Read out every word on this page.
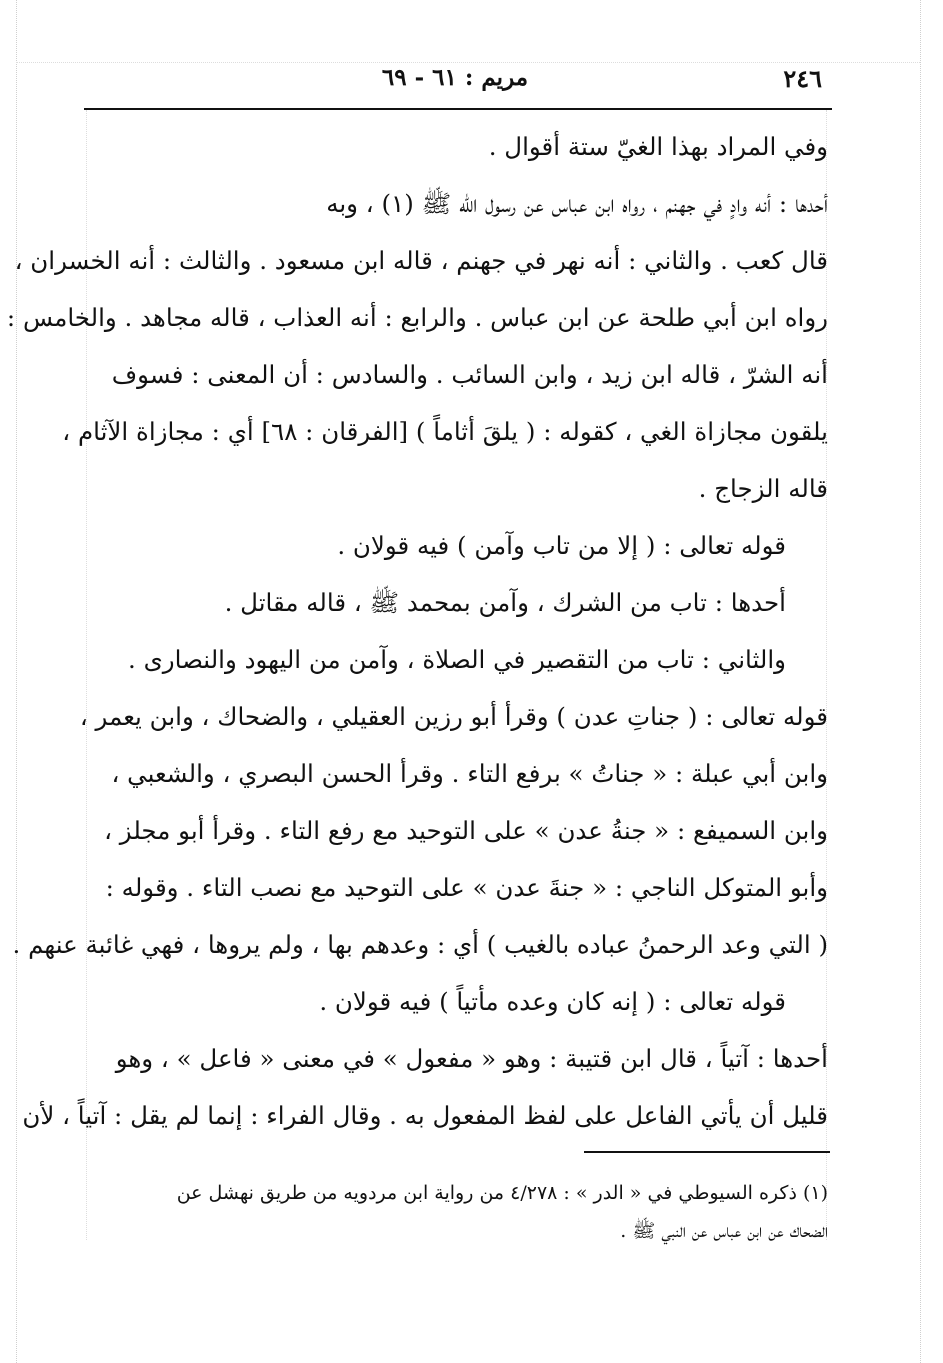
٢٤٦
مريم : ٦١ - ٦٩

وفي المراد بهذا الغيّ ستة أقوال .

أحدها : أنه وادٍ في جهنم ، رواه ابن عباس عن رسول الله ﷺ (١) ، وبه

قال كعب . والثاني : أنه نهر في جهنم ، قاله ابن مسعود . والثالث : أنه الخسران ،

رواه ابن أبي طلحة عن ابن عباس . والرابع : أنه العذاب ، قاله مجاهد . والخامس :

أنه الشرّ ، قاله ابن زيد ، وابن السائب . والسادس : أن المعنى : فسوف

يلقون مجازاة الغي ، كقوله : ( يلقَ أثاماً ) [الفرقان : ٦٨] أي : مجازاة الآثام ،

قاله الزجاج .

قوله تعالى : ( إلا من تاب وآمن ) فيه قولان .

أحدها : تاب من الشرك ، وآمن بمحمد ﷺ ، قاله مقاتل .

والثاني : تاب من التقصير في الصلاة ، وآمن من اليهود والنصارى .

قوله تعالى : ( جناتِ عدن ) وقرأ أبو رزين العقيلي ، والضحاك ، وابن يعمر ،

وابن أبي عبلة : « جناتُ » برفع التاء . وقرأ الحسن البصري ، والشعبي ،

وابن السميفع : « جنةُ عدن » على التوحيد مع رفع التاء . وقرأ أبو مجلز ،

وأبو المتوكل الناجي : « جنةَ عدن » على التوحيد مع نصب التاء . وقوله :

( التي وعد الرحمنُ عباده بالغيب ) أي : وعدهم بها ، ولم يروها ، فهي غائبة عنهم .

قوله تعالى : ( إنه كان وعده مأتياً ) فيه قولان .

أحدها : آتياً ، قال ابن قتيبة : وهو « مفعول » في معنى « فاعل » ، وهو

قليل أن يأتي الفاعل على لفظ المفعول به . وقال الفراء : إنما لم يقل : آتياً ، لأن

(١) ذكره السيوطي في « الدر » : ٤/٢٧٨ من رواية ابن مردويه من طريق نهشل عن

الضحاك عن ابن عباس عن النبي ﷺ .
